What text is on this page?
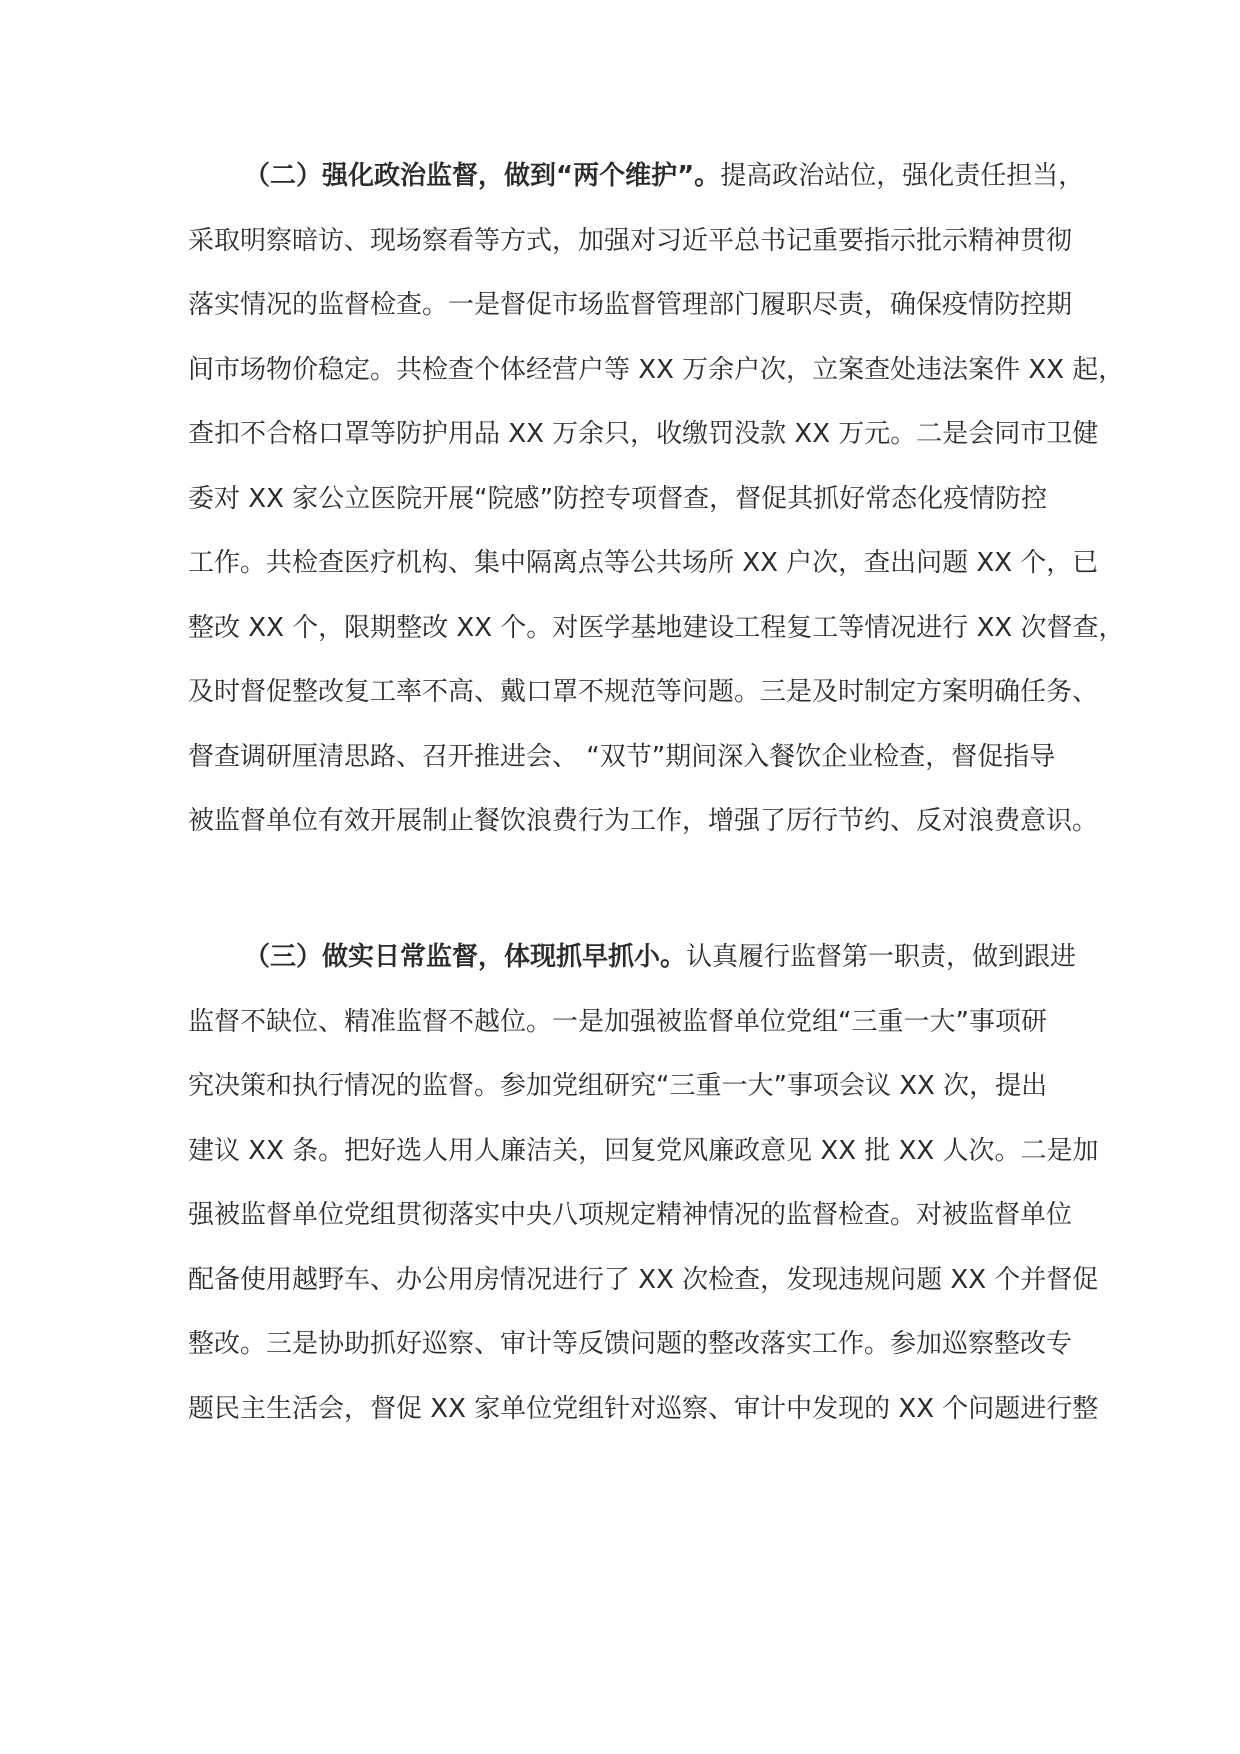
（二）强化政治监督，做到“两个维护”。提高政治站位，强化责任担当，
采取明察暗访、现场察看等方式，加强对习近平总书记重要指示批示精神贯彻
落实情况的监督检查。一是督促市场监督管理部门履职尽责，确保疫情防控期
间市场物价稳定。共检查个体经营户等 XX 万余户次，立案查处违法案件 XX 起，
查扣不合格口罩等防护用品 XX 万余只，收缴罚没款 XX 万元。二是会同市卫健
委对 XX 家公立医院开展“院感”防控专项督查，督促其抓好常态化疫情防控
工作。共检查医疗机构、集中隔离点等公共场所 XX 户次，查出问题 XX 个，已
整改 XX 个，限期整改 XX 个。对医学基地建设工程复工等情况进行 XX 次督查，
及时督促整改复工率不高、戴口罩不规范等问题。三是及时制定方案明确任务、
督查调研厘清思路、召开推进会、 “双节”期间深入餐饮企业检查，督促指导
被监督单位有效开展制止餐饮浪费行为工作，增强了厉行节约、反对浪费意识。
（三）做实日常监督，体现抓早抓小。认真履行监督第一职责，做到跟进
监督不缺位、精准监督不越位。一是加强被监督单位党组“三重一大”事项研
究决策和执行情况的监督。参加党组研究“三重一大”事项会议 XX 次，提出
建议 XX 条。把好选人用人廉洁关，回复党风廉政意见 XX 批 XX 人次。二是加
强被监督单位党组贯彻落实中央八项规定精神情况的监督检查。对被监督单位
配备使用越野车、办公用房情况进行了 XX 次检查，发现违规问题 XX 个并督促
整改。三是协助抓好巡察、审计等反馈问题的整改落实工作。参加巡察整改专
题民主生活会，督促 XX 家单位党组针对巡察、审计中发现的 XX 个问题进行整
